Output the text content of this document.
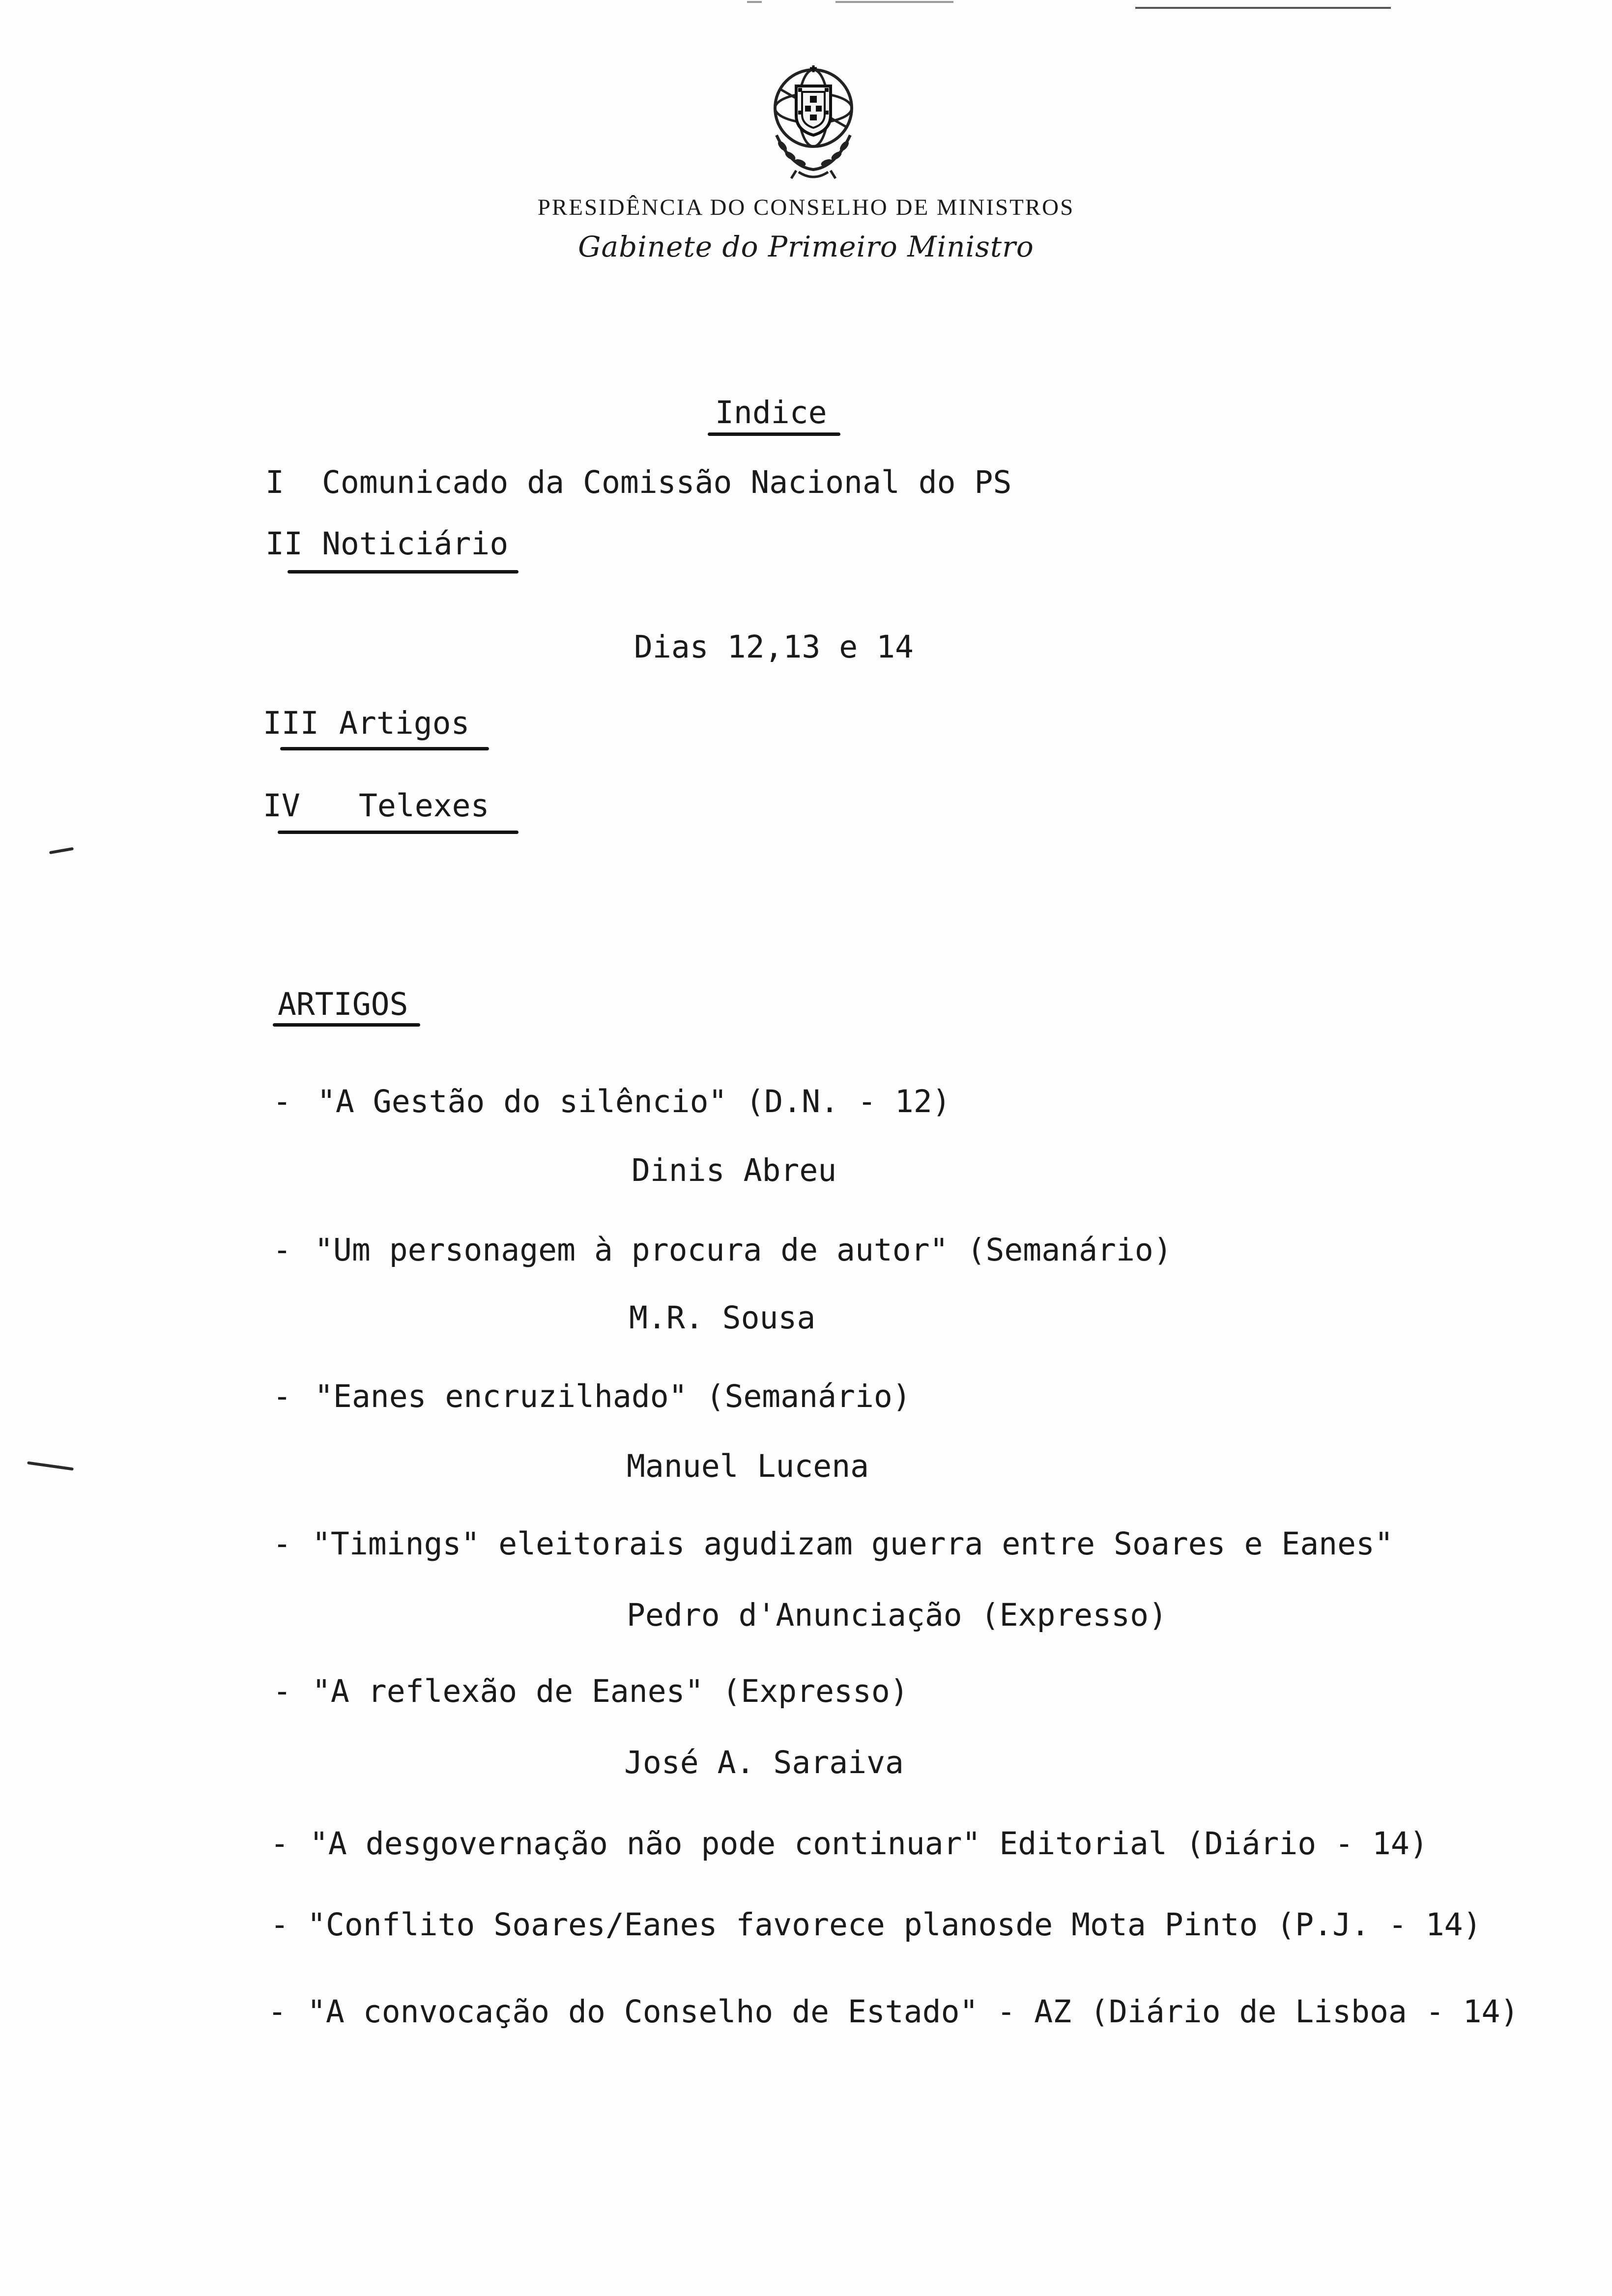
PRESIDÊNCIA DO CONSELHO DE MINISTROS
Gabinete do Primeiro Ministro
Indice
I Comunicado da Comissão Nacional do PS
II Noticiário
Dias 12,13 e 14
III Artigos
IV Telexes
ARTIGOS
- "A Gestão do silêncio" (D.N. - 12)
Dinis Abreu
- "Um personagem à procura de autor" (Semanário)
M.R. Sousa
- "Eanes encruzilhado" (Semanário)
Manuel Lucena
- "Timings" eleitorais agudizam guerra entre Soares e Eanes"
Pedro d'Anunciação (Expresso)
- "A reflexão de Eanes" (Expresso)
José A. Saraiva
- "A desgovernação não pode continuar" Editorial (Diário - 14)
- "Conflito Soares/Eanes favorece planosde Mota Pinto (P.J. - 14)
- "A convocação do Conselho de Estado" - AZ (Diário de Lisboa - 14)
